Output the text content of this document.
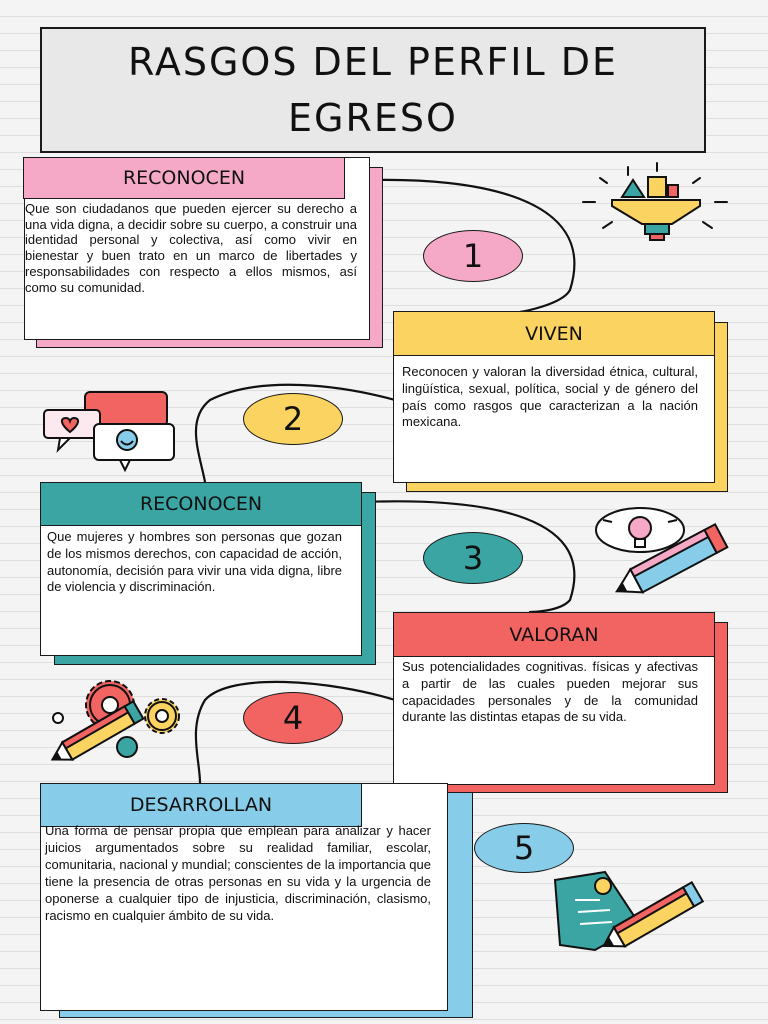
RASGOS DEL PERFIL DE
EGRESO
RECONOCEN

Que son ciudadanos que pueden ejercer su derecho a una vida digna, a decidir sobre su cuerpo, a construir una identidad personal y colectiva, así como vivir en bienestar y buen trato en un marco de libertades y responsabilidades con respecto a ellos mismos, así como su comunidad.

1
VIVEN

Reconocen y valoran la diversidad étnica, cultural, lingüística, sexual, política, social y de género del país como rasgos que caracterizan a la nación mexicana.

2
RECONOCEN

Que mujeres y hombres son personas que gozan de los mismos derechos, con capacidad de acción, autonomía, decisión para vivir una vida digna, libre de violencia y discriminación.

3
VALORAN

Sus potencialidades cognitivas. físicas y afectivas a partir de las cuales pueden mejorar sus capacidades personales y de la comunidad durante las distintas etapas de su vida.

4
DESARROLLAN

Una forma de pensar propia que emplean para analizar y hacer juicios argumentados sobre su realidad familiar, escolar, comunitaria, nacional y mundial; conscientes de la importancia que tiene la presencia de otras personas en su vida y la urgencia de oponerse a cualquier tipo de injusticia, discriminación, clasismo, racismo en cualquier ámbito de su vida.

5
